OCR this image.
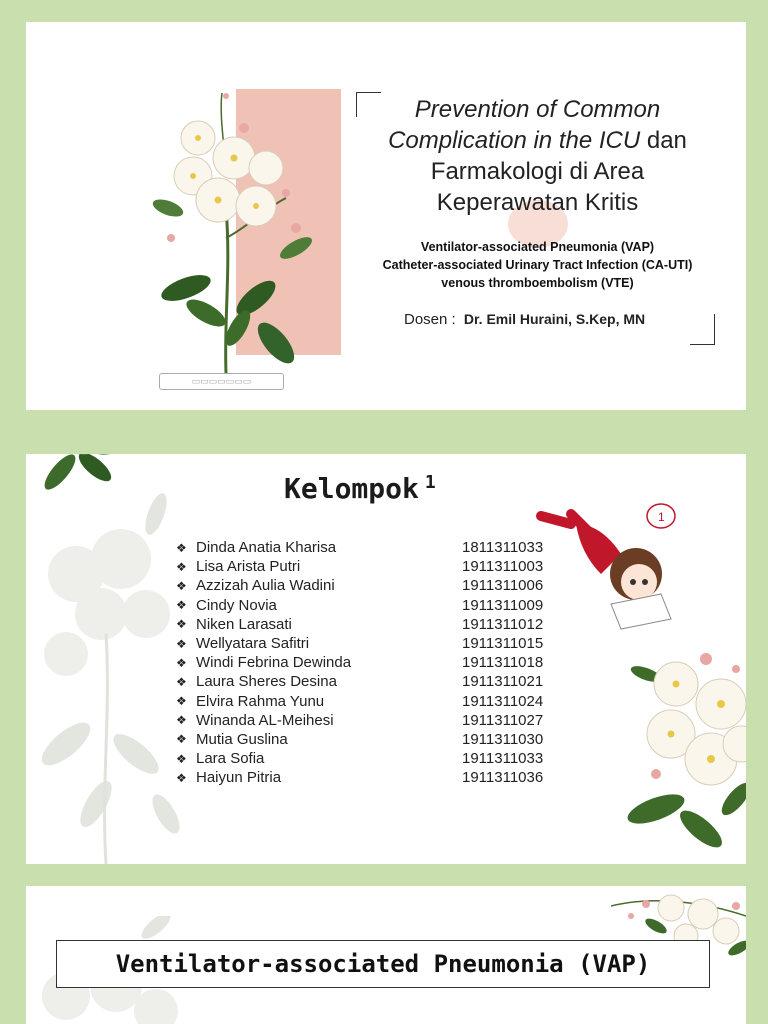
Prevention of Common
Complication in the ICU dan
Farmakologi di Area
Keperawatan Kritis
Ventilator-associated Pneumonia (VAP)
Catheter-associated Urinary Tract Infection (CA-UTI)
venous thromboembolism (VTE)
Dosen : Dr. Emil Huraini, S.Kep, MN
▭▭▭▭▭▭▭
Kelompok $^1$
❖ Dinda Anatia Kharisa	1811311033
❖ Lisa Arista Putri	1911311003
❖ Azzizah Aulia Wadini	1911311006
❖ Cindy Novia	1911311009
❖ Niken Larasati	1911311012
❖ Wellyatara Safitri	1911311015
❖ Windi Febrina Dewinda	1911311018
❖ Laura Sheres Desina	1911311021
❖ Elvira Rahma Yunu	1911311024
❖ Winanda AL-Meihesi	1911311027
❖ Mutia Guslina	1911311030
❖ Lara Sofia	1911311033
❖ Haiyun Pitria	1911311036
1
Ventilator-associated Pneumonia (VAP)
